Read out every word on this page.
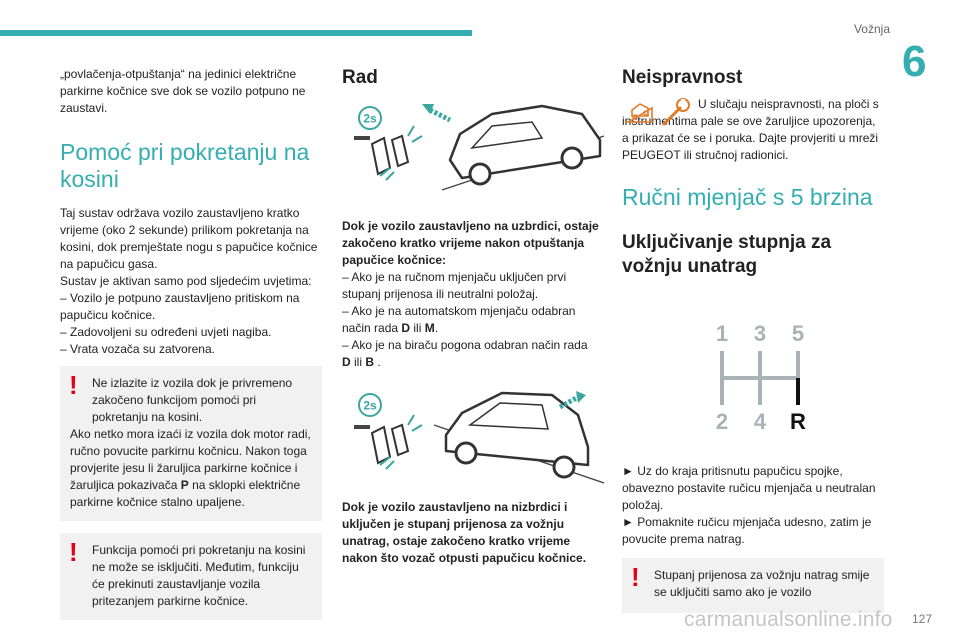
Vožnja
6

„povlačenja-otpuštanja“ na jedinici električne parkirne kočnice sve dok se vozilo potpuno ne zaustavi.

Pomoć pri pokretanju na kosini

Taj sustav održava vozilo zaustavljeno kratko vrijeme (oko 2 sekunde) prilikom pokretanja na kosini, dok premještate nogu s papučice kočnice na papučicu gasa.

Sustav je aktivan samo pod sljedećim uvjetima:

– Vozilo je potpuno zaustavljeno pritiskom na papučicu kočnice.

– Zadovoljeni su određeni uvjeti nagiba.

– Vrata vozača su zatvorena.

!	Ne izlazite iz vozila dok je privremeno zakočeno funkcijom pomoći pri pokretanju na kosini.

Ako netko mora izaći iz vozila dok motor radi, ručno povucite parkirnu kočnicu. Nakon toga provjerite jesu li žaruljica parkirne kočnice i žaruljica pokazivača P na sklopki električne parkirne kočnice stalno upaljene.

!	Funkcija pomoći pri pokretanju na kosini ne može se isključiti. Međutim, funkciju će prekinuti zaustavljanje vozila pritezanjem parkirne kočnice.

Rad
2s

Dok je vozilo zaustavljeno na uzbrdici, ostaje zakočeno kratko vrijeme nakon otpuštanja papučice kočnice:

– Ako je na ručnom mjenjaču uključen prvi stupanj prijenosa ili neutralni položaj.

– Ako je na automatskom mjenjaču odabran način rada D ili M.

– Ako je na biraču pogona odabran način rada
D ili B .

2s

Dok je vozilo zaustavljeno na nizbrdici i uključen je stupanj prijenosa za vožnju unatrag, ostaje zakočeno kratko vrijeme nakon što vozač otpusti papučicu kočnice.

Neispravnost

U slučaju neispravnosti, na ploči s instrumentima pale se ove žaruljice upozorenja, a prikazat će se i poruka. Dajte provjeriti u mreži PEUGEOT ili stručnoj radionici.

Ručni mjenjač s 5 brzina
Uključivanje stupnja za vožnju unatrag
1 3 5
2 4 R

► Uz do kraja pritisnutu papučicu spojke, obavezno postavite ručicu mjenjača u neutralan položaj.

► Pomaknite ručicu mjenjača udesno, zatim je povucite prema natrag.

!	Stupanj prijenosa za vožnju natrag smije se uključiti samo ako je vozilo

127
carmanualsonline.info
